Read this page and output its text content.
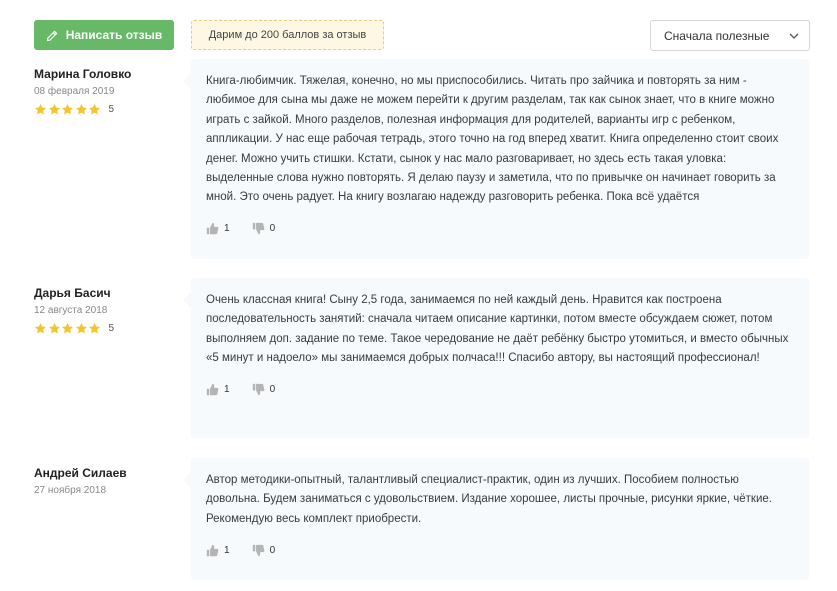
Написать отзыв	Дарим до 200 баллов за отзыв	Сначала полезные
Марина Головко
08 февраля 2019
5
Книга-любимчик. Тяжелая, конечно, но мы приспособились. Читать про зайчика и повторять за ним - любимое для сына мы даже не можем перейти к другим разделам, так как сынок знает, что в книге можно играть с зайкой. Много разделов, полезная информация для родителей, варианты игр с ребенком, аппликации. У нас еще рабочая тетрадь, этого точно на год вперед хватит. Книга определенно стоит своих денег. Можно учить стишки. Кстати, сынок у нас мало разговаривает, но здесь есть такая уловка: выделенные слова нужно повторять. Я делаю паузу и заметила, что по привычке он начинает говорить за мной. Это очень радует. На книгу возлагаю надежду разговорить ребенка. Пока всё удаётся
1	0
Дарья Басич
12 августа 2018
5
Очень классная книга! Сыну 2,5 года, занимаемся по ней каждый день. Нравится как построена последовательность занятий: сначала читаем описание картинки, потом вместе обсуждаем сюжет, потом выполняем доп. задание по теме. Такое чередование не даёт ребёнку быстро утомиться, и вместо обычных «5 минут и надоело» мы занимаемся добрых полчаса!!! Спасибо автору, вы настоящий профессионал!
1	0
Андрей Силаев
27 ноября 2018
Автор методики-опытный, талантливый специалист-практик, один из лучших. Пособием полностью довольна. Будем заниматься с удовольствием. Издание хорошее, листы прочные, рисунки яркие, чёткие. Рекомендую весь комплект приобрести.
1	0
